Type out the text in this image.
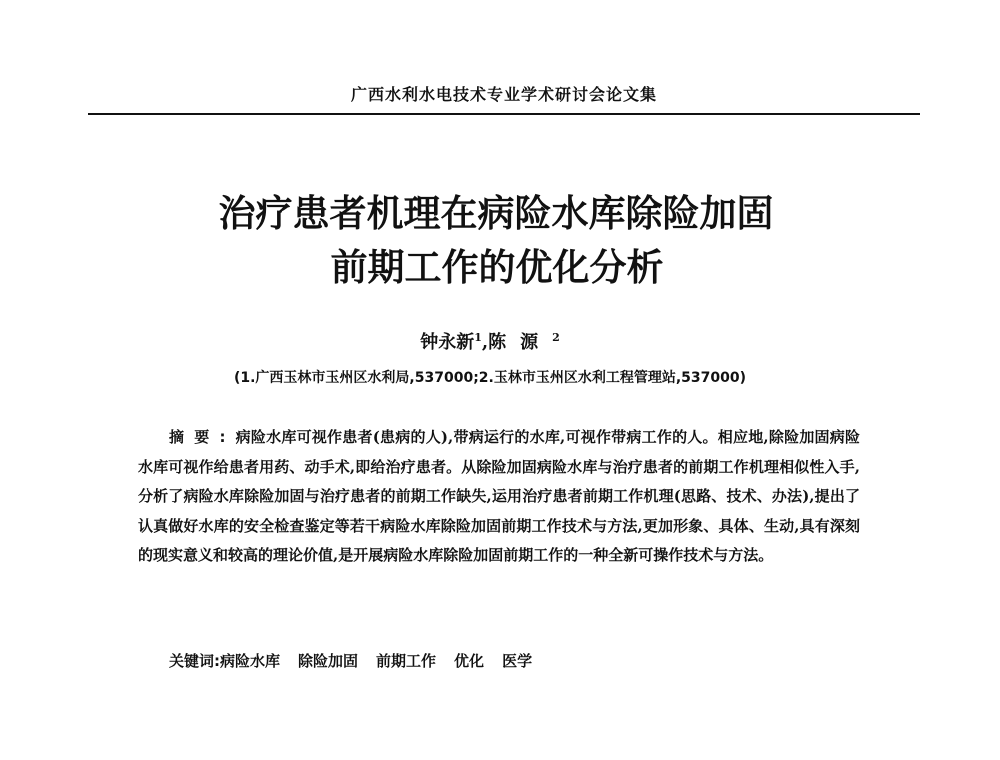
广西水利水电技术专业学术研讨会论文集
治疗患者机理在病险水库除险加固
前期工作的优化分析
钟永新$^1$,陈源$^2$
(1.广西玉林市玉州区水利局,537000;2.玉林市玉州区水利工程管理站,537000)
摘要:病险水库可视作患者(患病的人),带病运行的水库,可视作带病工作的人。相应地,除险加固病险水库可视作给患者用药、动手术,即给治疗患者。从除险加固病险水库与治疗患者的前期工作机理相似性入手,分析了病险水库除险加固与治疗患者的前期工作缺失,运用治疗患者前期工作机理(思路、技术、办法),提出了认真做好水库的安全检查鉴定等若干病险水库除险加固前期工作技术与方法,更加形象、具体、生动,具有深刻的现实意义和较高的理论价值,是开展病险水库除险加固前期工作的一种全新可操作技术与方法。
关键词:病险水库 除险加固 前期工作 优化 医学
